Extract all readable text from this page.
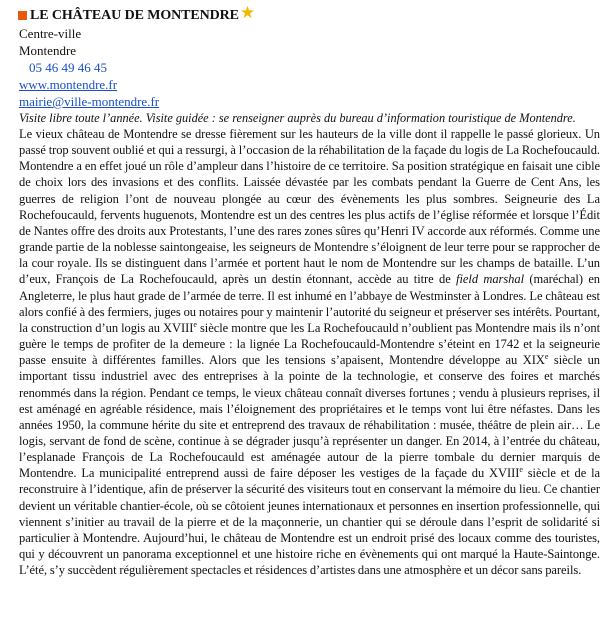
LE CHÂTEAU DE MONTENDRE ★
Centre-ville
Montendre
05 46 49 46 45
www.montendre.fr
mairie@ville-montendre.fr
Visite libre toute l’année. Visite guidée : se renseigner auprès du bureau d’information touristique de Montendre.

Le vieux château de Montendre se dresse fièrement sur les hauteurs de la ville dont il rappelle le passé glorieux. Un passé trop souvent oublié et qui a ressurgi, à l’occasion de la réhabilitation de la façade du logis de La Rochefoucauld. Montendre a en effet joué un rôle d’ampleur dans l’histoire de ce territoire. Sa position stratégique en faisait une cible de choix lors des invasions et des conflits. Laissée dévastée par les combats pendant la Guerre de Cent Ans, les guerres de religion l’ont de nouveau plongée au cœur des évènements les plus sombres. Seigneurie des La Rochefoucauld, fervents huguenots, Montendre est un des centres les plus actifs de l’église réformée et lorsque l’Édit de Nantes offre des droits aux Protestants, l’une des rares zones sûres qu’Henri IV accorde aux réformés. Comme une grande partie de la noblesse saintongeaise, les seigneurs de Montendre s’éloignent de leur terre pour se rapprocher de la cour royale. Ils se distinguent dans l’armée et portent haut le nom de Montendre sur les champs de bataille. L’un d’eux, François de La Rochefoucauld, après un destin étonnant, accède au titre de field marshal (maréchal) en Angleterre, le plus haut grade de l’armée de terre. Il est inhumé en l’abbaye de Westminster à Londres. Le château est alors confié à des fermiers, juges ou notaires pour y maintenir l’autorité du seigneur et préserver ses intérêts. Pourtant, la construction d’un logis au XVIIIe siècle montre que les La Rochefoucauld n’oublient pas Montendre mais ils n’ont guère le temps de profiter de la demeure : la lignée La Rochefoucauld-Montendre s’éteint en 1742 et la seigneurie passe ensuite à différentes familles. Alors que les tensions s’apaisent, Montendre développe au XIXe siècle un important tissu industriel avec des entreprises à la pointe de la technologie, et conserve des foires et marchés renommés dans la région. Pendant ce temps, le vieux château connaît diverses fortunes ; vendu à plusieurs reprises, il est aménagé en agréable résidence, mais l’éloignement des propriétaires et le temps vont lui être néfastes. Dans les années 1950, la commune hérite du site et entreprend des travaux de réhabilitation : musée, théâtre de plein air… Le logis, servant de fond de scène, continue à se dégrader jusqu’à représenter un danger. En 2014, à l’entrée du château, l’esplanade François de La Rochefoucauld est aménagée autour de la pierre tombale du dernier marquis de Montendre. La municipalité entreprend aussi de faire déposer les vestiges de la façade du XVIIIe siècle et de la reconstruire à l’identique, afin de préserver la sécurité des visiteurs tout en conservant la mémoire du lieu. Ce chantier devient un véritable chantier-école, où se côtoient jeunes internationaux et personnes en insertion professionnelle, qui viennent s’initier au travail de la pierre et de la maçonnerie, un chantier qui se déroule dans l’esprit de solidarité si particulier à Montendre. Aujourd’hui, le château de Montendre est un endroit prisé des locaux comme des touristes, qui y découvrent un panorama exceptionnel et une histoire riche en évènements qui ont marqué la Haute-Saintonge. L’été, s’y succèdent régulièrement spectacles et résidences d’artistes dans une atmosphère et un décor sans pareils.
